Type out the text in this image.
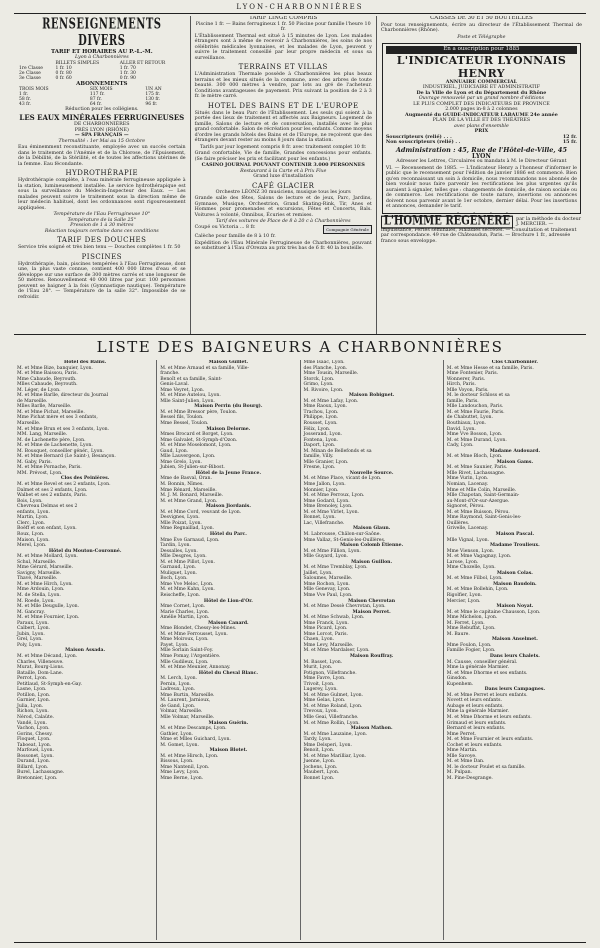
LYON-CHARBONNIÈRES
RENSEIGNEMENTS DIVERS
TARIF ET HORAIRES AU P.-L.-M.
Lyon à Charbonnières
	BILLETS SIMPLES	ALLER ET RETOUR
1re Classe	1 fr. 10	1 fr. 70
2e Classe	0 fr. 80	1 fr. 30
3e Classe	0 fr. 60	0 fr. 90
ABONNEMENTS
TROIS MOIS	SIX MOIS	UN AN
1 fr.	117 fr.	175 fr.
58 fr.	87 fr.	130 fr.
43 fr.	64 fr.	96 fr.
Réduction pour les collégiens.
LES EAUX MINÉRALES FERRUGINEUSES
DE CHARBONNIÈRES
PRÈS LYON (RHÔNE)
— SPA FRANÇAIS —
Thermalité : 1er Mai au 15 Octobre
Eau éminemment reconstituante, employée avec un succès certain dans le traitement de l'Anémie et de la Chlorose, de l'Épuisement, de la Débilité, de la Stérilité, et de toutes les affections utérines de la femme. Eau fécondante.
HYDROTHÉRAPIE
Hydrothérapie complète, à l'eau minérale ferrugineuse appliquée à la station, lumineusement installée. Le service hydrothérapique est sous la surveillance du Médecin-Inspecteur des Eaux. — Les malades peuvent suivre le traitement sous la direction même de leur médecin habituel, dont les ordonnances sont rigoureusement appliquées.
Température de l'Eau Ferrugineuse 10°
Température de la Salle 25°
Pression de 1 à 30 mètres
Réaction toujours certaine dans ces conditions
TARIF DES DOUCHES
Service très soigné et très bien tenu — Douches complètes 1 fr. 50
PISCINES
Hydrothérapie, bain, piscines tempérées à l'Eau Ferrugineuse, dont une, la plus vaste connue, contient 400 000 litres d'eau et se développe sur une surface de 300 mètres carrés et une longueur de 50 mètres. Renouvellement 40 000 litres par jour. 100 personnes peuvent se baigner à la fois (Gymnastique nautique). Température de l'Eau 28°. — Température de la salle 32°. Impossible de se refroidir.
TARIF LINGE COMPRIS
Piscine 1 fr. — Bains ferrugineux 1 fr. 50 Piscine pour famille l'heure 10 fr.
L'Établissement Thermal est situé à 15 minutes de Lyon. Les malades étrangers sont à même de recevoir à Charbonnières, les soins de nos célébrités médicales lyonnaises, et les malades de Lyon, peuvent y suivre le traitement conseillé par leur propre médecin et sous sa surveillance.
TERRAINS ET VILLAS
L'Administration Thermale possède à Charbonnières les plus beaux terrains et les mieux situés de la commune, avec des arbres de toute beauté. 300 000 mètres à vendre, par lots au gré de l'acheteur. Conditions avantageuses de payement. Prix suivant la position de 2 à 3 fr. le mètre carré.
HOTEL DES BAINS ET DE L'EUROPE
Situés dans le beau Parc de l'Établissement. Les seuls qui soient à la portée des lieux de traitement et affectés aux Baigneurs. Logement de famille, Salons de lecture et de conversation, installés avec le plus grand confortable. Salon de récréation pour les enfants. Comme moyens d'ordre les grands hôtels des Bains et de l'Europe, ne reçoivent que des étrangers devant rester au moins 8 jours dans la station.
Tarifs par jour logement compris 8 fr. avec traitement complet 10 fr.
Grand confortable, Vie de famille, Grandes concessions pour enfants. (Se faire préciser les prix et facilitant pour les enfants.)
CASINO JOURNAL POUVANT CONTENIR 3.000 PERSONNES
Restaurant à la Carte et à Prix Fixe
Grand luxe d'installation
CAFÉ GLACIER
Orchestre LÉONZ 30 musiciens, musique tous les jours
Grande salle des fêtes, Salons de lecture et de jeux, Parc, Jardins, Gymnase, Musique, Orchestrion, Grand Skating-Rink, Tir, Anes et Hommes pour promenades et excursions, Fêtes et Concerts, Bals. Voitures à volonté, Omnibus, Écuries et remises.
Tarif des voitures de Place de 8 à 20 c à Charbonnières
Coupé ou Victoria ... 8 fr.	Compagnie Générale
Calèche pour famille de 8 à 10 fr.
Expédition de l'Eau Minérale Ferrugineuse de Charbonnières, pouvant se substituer à l'Eau d'Orezza au prix très bas de 6 fr. 40 la bouteille.
CAISSES DE 30 ET 50 BOUTEILLES
Pour tous renseignements, écrire au directeur de l'Établissement Thermal de Charbonnières (Rhône).
Poste et Télégraphe
En a ouscription pour 1885
L'INDICATEUR LYONNAIS HENRY
ANNUAIRE COMMERCIAL
INDUSTRIEL, JUDICIAIRE ET ADMINISTRATIF
De la Ville de Lyon et du Département du Rhône
Ouvrage renouvelé par un grand nombre d'éditions
LE PLUS COMPLET DES INDICATEURS DE PROVINCE
2.000 pages in-8 à 2 colonnes
Augmenté du GUIDE-INDICATEUR LABAUME 24e année
PLAN DE LA VILLE ET DES THÉÂTRES
avec plans d'ensemble
PRIX
Souscripteurs (relié) . . .	12 fr.
Non souscripteurs (relié) . .	15 fr.
Administration : 45, Rue de l'Hôtel-de-Ville, 45
LYON
Adresser les Lettres, Circulaires ou mandats à M. le Directeur Gérant
VI. — Recensement de 1885. — L'Indicateur Henry a l'honneur d'informer le public que le recensement pour l'édition de janvier 1886 est commencé. Bien qu'en reconnaissant un soin à domicile, nous recommandons nos abonnés de bien vouloir nous faire parvenir les rectifications les plus urgentes qu'ils auraient à signaler, telles que : changements de domicile, de raison sociale ou de commerce. Les rectifications de toute nature, insertions ou annonces doivent nous parvenir avant le 1er octobre, dernier délai. Pour les insertions et annonces, demander le tarif.
L'HOMME RÉGÉNÉRÉ	par la méthode du docteur J. MERCIER. — Impuissance, Pertes séminales, Maladies secrètes. — Consultation et traitement par correspondance. 49 rue de Châteaudun, Paris. — Brochure 1 fr., adressée franco sous enveloppe.
LISTE DES BAIGNEURS A CHARBONNIÈRES
Hôtel des Bains.
M. et Mme Bize, banquier, Lyon.
M. et Mme Baissou, Paris.
Mme Cabaude, Beyrouth.
Mlles Cabaude, Beyrouth.
M. Léger, de Lyon.
M. et Mme Barlle, directeur du Journal
de Marseille.
Mlles Barlle, Marseille.
M. et Mme Pichat, Marseille.
Mme Pichat mère et ses 3 enfants,
Marseille.
M. et Mme Brun et ses 3 enfants, Lyon.
MM. Lang, Marseille.
M. de Lachenette père, Lyon.
M. et Mme de Lachenette, Lyon.
M. Bousquet, conseiller génér., Lyon.
M. et Mme Bernard (Le Saint-), Besançon.
M. Gaby, Paris.
M. et Mme Pornache, Paris.
MM. Prévost, Lyon.
Clos des Peinières.
M. et Mme Revel et ses 2 enfants, Lyon.
Dalmet et ses 2 enfants, Lyon.
Walbet et ses 2 enfants, Paris.
Bois, Lyon.
Chevreau Delmas et ses 2
enfants, Lyon.
Martin, Lyon.
Clerc, Lyon.
Boëff et son enfant, Lyon.
Roux, Lyon.
Maison, Lyon.
Merel, Lyon.
Hôtel du Mouton-Couronné.
M. et Mme Mollard, Lyon.
Schul, Marseille.
Mme Gérard, Marseille.
Savigny, Marseille.
Thavé, Marseille.
M. et Mme Hirch, Lyon.
Mme Ardouin, Lyon.
M. de Stella, Lyon.
M. Roede, Lyon.
M. et Mlle Deugulle, Lyon.
M. Gancray.
M. et Mme Fournier, Lyon.
Paraux, Lyon.
Calbert, Lyon.
Jubin, Lyon.
Grel, Lyon.
Poly, Lyon.
Maison Assada.
M. et Mme Décand, Lyon.
Charles, Villeneuve.
Murat, Bourg-Lions.
Bataille, Dom-Lane.
Perrot, Lyon.
Petitlaud, St-Symph-en-Gay.
Lasne, Lyon.
Potillon, Lyon.
Garnier, Lyon.
Julia, Lyon.
Richon, Lyon.
Nérod, Calaüte.
Vandé, Lyon.
Vachon, Lyon.
Gorins, Chessy.
Floquet, Lyon.
Taboeat, Lyon.
Marfouel, Lyon.
Bossonet, Lyon.
Durand, Lyon.
Billard, Lyon.
Burel, Lachassagne.
Bretonnier, Lyon.
Maison Guillet.
M. et Mme Arnaud et sa famille, Ville-
franche.
Benoît et sa famille, Saint-
Genis-Laval.
Mme Veyret, Lyon.
M. et Mme Autelou, Lyon.
Mlle Saint-Julien, Lyon.
Maison Perrin (du Bourg).
M. et Mme Bressor père, Toulon.
Bessel fils, Toulon.
Mme Bessel, Toulon.
Maison Delorme.
Mmes Brocard et Borget, Lyon.
Mme Galvalet, St-Symph-d'Ozon.
M. et Mme Moselomont, Lyon.
Gaud, Lyon.
Mlle Lauvergeon, Lyon.
Mme Grelo, Lyon.
Jubien, St-Julien-sur-Bibost.
Hôtel de la Jeune France.
Mme de Basval, Oran.
M. Bonnin, Nîmes.
Mme Rénard, Marseille.
M. J. M. Bonard, Marseille.
M. et Mme Grand, Lyon.
Maison Jiordanis.
M. et Mme Cord, veuvant de Lyon.
Desvignes, Lyon.
Mlle Poizat, Lyon.
Mme Regnaillad, Lyon.
Hôtel du Parc.
Mme Ève Garnaud, Lyon.
Tardin, Lyon.
Dessalles, Lyon.
Mlle Desgres, Lyon.
M. et Mme Pillot, Lyon.
Garnaud, Lyon.
Muliquet, Lyon.
Boch, Lyon.
Mme Vve Meloc, Lyon.
M. et Mme Kahn, Lyon.
Reischeffe, Lyon.
Hôtel de Lion-d'Or.
Mme Cornet, Lyon.
Marie Charles, Lyon.
Amélie Martin, Lyon.
Maison Canard.
Mme Blondet, Chessy-les-Mines.
M. et Mme Ferrousset, Lyon.
Mme Moiroux, Lyon.
Payet, Lyon.
Mlle Sorlain Saint-Foy.
Mme Pomay, l'Argentière.
Mlle Gudileux, Lyon.
M. et Mme Meunier, Annonay.
Hôtel du Cheval Blanc.
M. Lerch, Lyon.
Pernin, Lyon.
Ladreux, Lyon.
Mme Burtin, Marseille.
M. Laurent, Jarnioux,
de Gand, Lyon.
Volmar, Marseille.
Mlle Volmar, Marseille.
Maison Guérin.
M. et Mme Descamps, Lyon.
Gathier, Lyon.
Mme et Mlles Guichard, Lyon.
M. Gomet, Lyon.
Maison Blotet.
M. et Mme Hirsch, Lyon.
Bissous, Lyon.
Mme Nantenil, Lyon.
Mme Levy, Lyon.
Mme Berne, Lyon.
Mme Isaac, Lyon.
des Planche, Lyon.
Mme Tousin, Marseille.
Storck, Lyon.
Grimo, Lyon.
M. Rivoire, Lyon.
Maison Bobignet.
M. et Mme Lafay, Lyon.
Mme Raoux, Lyon.
Trachou, Lyon.
Philippe, Lyon.
Rousset, Lyon.
Félix, Lyon.
Josserand, Lyon.
Fontena, Lyon.
Daport, Lyon.
M. Minan de Bellefonds et sa
famille, Villy.
Mlle Granier, Lyon.
Fresne, Lyon.
Nouvelle Source.
M. et Mme Place, vicant de Lyon.
Mme Jallon, Lyon.
Monnier, Lyon.
M. et Mme Perroux, Lyon.
Mme Godard, Lyon.
Mme Brenoley, Lyon.
M. et Mme Virlet, Lyon.
Bonnet, Lyon.
Lac, Villefranche.
Maison Glaun.
M. Labrousse, Châlon-sur-Saône.
Mme Vallaz, St-Genis-les-Ouillères.
Maison Colomb Étienne.
M. et Mme Fillion, Lyon.
Mlle Guyard, Lyon.
Maison Guillon.
M. et Mme Tremblay, Lyon.
Jaillet, Lyon.
Saloumes, Marseille.
Mme Rochon, Lyon.
Mlle Genevay, Lyon.
Mme Vve Paul, Lyon.
Maison Chevrotan
M. et Mme Dessè Chevrotan, Lyon.
Maison Perret.
M. et Mme Schwab, Lyon.
Mme Franck, Lyon.
Mme Picard, Lyon.
Mme Lorcot, Paris.
Chaen, Lyon.
Mme Levy, Marseille.
M. et Mme Mardalser, Lyon.
Maison Rouffray.
M. Basset, Lyon.
Murit, Lyon.
Potignon, Villefranche.
Mme Favre, Lyon.
Trivoit, Lyon.
Lugerey, Lyon.
M. et Mme Gulmet, Lyon.
Mme Gelas, Lyon.
M. et Mme Roland, Lyon.
Trevoux, Lyon.
Mlle Geai, Villefranche.
M. et Mme Rollin, Lyon.
Maison Mathon.
M. et Mme Lauzaine, Lyon.
Tardy, Lyon.
Mme Delsperi, Lyon.
Benoit, Lyon.
M. et Mme Marilliar, Lyon.
Juenne, Lyon.
Jochens, Lyon.
Maubert, Lyon.
Bonnet Lyon.
Clos Charbonnier.
M. et Mme Hesse et sa famille, Paris.
Mme Fontenier, Paris.
Wonnerer, Paris.
Hirch, Paris.
Mlle Voyon, Paris.
M. le docteur Schloss et sa
famille, Paris.
Mlle Landouchon, Paris.
M. et Mme Faurie, Paris.
de Chabuttet, Lyon.
Bouthiaux, Lyon.
David, Lyon.
Mme Vve Bosson, Lyon.
M. et Mme Durand, Lyon.
Cady, Lyon.
Madame Audouard.
M. et Mme Bloch, Lyon.
Maison Gams.
M. et Mme Saunier, Paris.
Mlle Rivet, Lachassagne.
Mme Vurin, Lyon.
Nomian, Lacenay.
Mme et Mlle Colin, Marseille.
Mlle Chapotan, Saint-Germain-
au-Mont-d'Or-sur-Azergue.
Signoret, Pérou.
M. et Mme Buisson, Pérou.
Mme Raymond, Saint-Genis-les-
Ouillères.
Grivelle, Lacenay.
Maison Pascal.
Mlle Vignal, Lyon.
Madame Troulieux.
Mme Vienson, Lyon.
M. et Mme Vagagnay, Lyon.
Larose, Lyon.
Mme Chozelle, Lyon.
Maison Colas.
M. et Mme Filbol, Lyon.
Maison Baudoin.
M. et Mme Bollehin, Lyon.
Rigolfier, Lyon.
Mercier, Lyon.
Maison Noyat.
M. et Mme le capitaine Chausson, Lyon.
Mme Michelon, Lyon.
M. Ferret, Lyon.
Mme Rebuffat, Lyon.
M. Baure.
Maison Anselmet.
Mme Foulon, Lyon.
Famille Fogier, Lyon.
Dans leurs Chalets.
M. Causse, conseiller général.
Mme la générale Marmier.
M. et Mme Dhorme et ses enfants.
Ginsdon.
Kupenhem.
Dans leurs Campagnes.
M. et Mme Perret et leurs enfants.
Novett et leurs enfants.
Aubage et leurs enfants.
Mme la générale Marmier.
M. et Mme Dhorme et leurs enfants.
Grimaud et leurs enfants.
Bernard et leurs enfants.
Mme Perret.
M. et Mme Fournier et leurs enfants.
Cochet et leurs enfants.
Mme Martin.
Mlle Savoye.
M. et Mme Dan.
M. le docteur Poulet et sa famille.
M. Pulpan.
M. Pine-Desgrange.
